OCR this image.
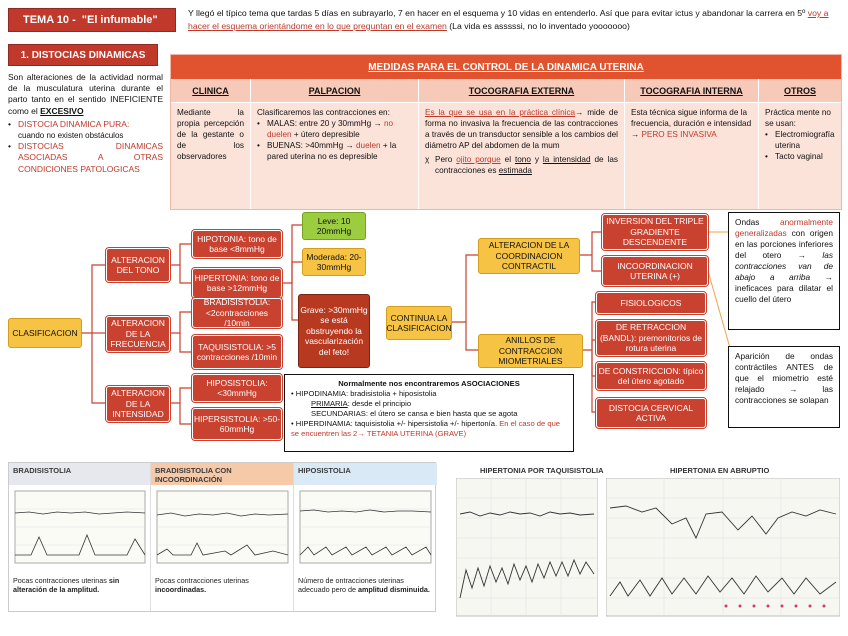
TEMA 10 - "El infumable"
Y llegó el típico tema que tardas 5 días en subrayarlo, 7 en hacer en el esquema y 10 vidas en entenderlo. Así que para evitar ictus y abandonar la carrera en 5º voy a hacer el esquema orientándome en lo que preguntan en el examen (La vida es asssssi, no lo inventado yooooooo)
1. DISTOCIAS DINAMICAS
Son alteraciones de la actividad normal de la musculatura uterina durante el parto tanto en el sentido INEFICIENTE como el EXCESIVO
• DISTOCIA DINAMICA PURA:
cuando no existen obstáculos
• DISTOCIAS DINAMICAS ASOCIADAS A OTRAS CONDICIONES PATOLOGICAS
MEDIDAS PARA EL CONTROL DE LA DINAMICA UTERINA
CLINICA
Mediante la propia percepción de la gestante o de los observadores
PALPACION
Clasificaremos las contracciones en:
• MALAS: entre 20 y 30mmHg → no duelen + útero depresible
• BUENAS: >40mmHg → duelen + la pared uterina no es depresible
TOCOGRAFIA EXTERNA
Es la que se usa en la práctica clínica→ mide de forma no invasiva la frecuencia de las contracciones a través de un transductor sensible a los cambios del diámetro AP del abdomen de la mum
χ Pero ojito porque el tono y la intensidad de las contracciones es estimada
TOCOGRAFIA INTERNA
Esta técnica sigue informa de la frecuencia, duración e intensidad → PERO ES INVASIVA
OTROS
Práctica mente no se usan:
• Electromiografía uterina
• Tacto vaginal
CLASIFICACION
ALTERACION DEL TONO
ALTERACION DE LA FRECUENCIA
ALTERACION DE LA INTENSIDAD
HIPOTONIA: tono de base <8mmHg
HIPERTONIA: tono de base >12mmHg
BRADISISTOLIA: <2contracciones /10min
TAQUISISTOLIA: >5 contracciones /10min
HIPOSISTOLIA: <30mmHg
HIPERSISTOLIA: >50-60mmHg
Leve: 10 20mmHg
Moderada: 20-30mmHg
Grave: >30mmHg se está obstruyendo la vascularización del feto!
CONTINUA LA CLASIFICACION
ALTERACION DE LA COORDINACION CONTRACTIL
ANILLOS DE CONTRACCION MIOMETRIALES
INVERSION DEL TRIPLE GRADIENTE DESCENDENTE
INCOORDINACION UTERINA (+)
FISIOLOGICOS
DE RETRACCION (BANDL): premonitorios de rotura uterina
DE CONSTRICCION: típico del útero agotado
DISTOCIA CERVICAL ACTIVA
Normalmente nos encontraremos ASOCIACIONES
• HIPODINAMIA: bradisistolia + hiposistolia
PRIMARIA: desde el principio
SECUNDARIAS: el útero se cansa e bien hasta que se agota
• HIPERDINAMIA: taquisistolia +/- hipersistolia +/- hipertonía. En el caso de que se encuentren las 2→ TETANIA UTERINA (GRAVE)
Ondas anormalmente generalizadas con origen en las porciones inferiores del otero → las contracciones van de abajo a arriba → ineficaces para dilatar el cuello del útero
Aparición de ondas contráctiles ANTES de que el miometrio esté relajado → las contracciones se solapan
BRADISISTOLIA
Pocas contracciones uterinas sin alteración de la amplitud.
BRADISISTOLIA CON INCOORDINACIÓN
Pocas contracciones uterinas incoordinadas.
HIPOSISTOLIA
Número de ontracciones uterinas adecuado pero de amplitud disminuida.
HIPERTONIA POR TAQUISISTOLIA	HIPERTONIA EN ABRUPTIO
